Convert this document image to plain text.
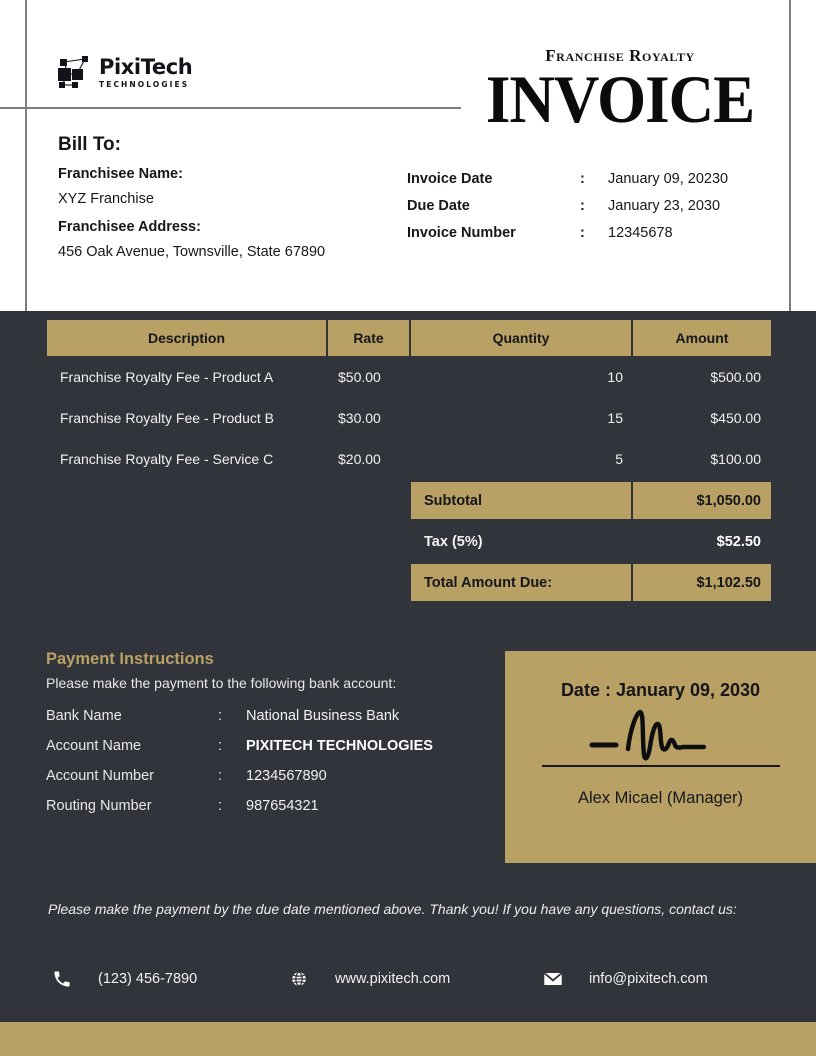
PixiTech
TECHNOLOGIES
Franchise Royalty
INVOICE
Bill To:
Franchisee Name:
XYZ Franchise
Franchisee Address:
456 Oak Avenue, Townsville, State 67890
Invoice Date	:	January 09, 20230
Due Date	:	January 23, 2030
Invoice Number	:	12345678
Description	Rate	Quantity	Amount
Franchise Royalty Fee - Product A	$50.00	10	$500.00
Franchise Royalty Fee - Product B	$30.00	15	$450.00
Franchise Royalty Fee - Service C	$20.00	5	$100.00
Subtotal	$1,050.00
Tax (5%)	$52.50
Total Amount Due:	$1,102.50
Payment Instructions
Please make the payment to the following bank account:
Bank Name	:	National Business Bank
Account Name	:	PIXITECH TECHNOLOGIES
Account Number	:	1234567890
Routing Number	:	987654321
Date : January 09, 2030
Alex Micael (Manager)
Please make the payment by the due date mentioned above. Thank you! If you have any questions, contact us:
(123) 456-7890	www.pixitech.com	info@pixitech.com
